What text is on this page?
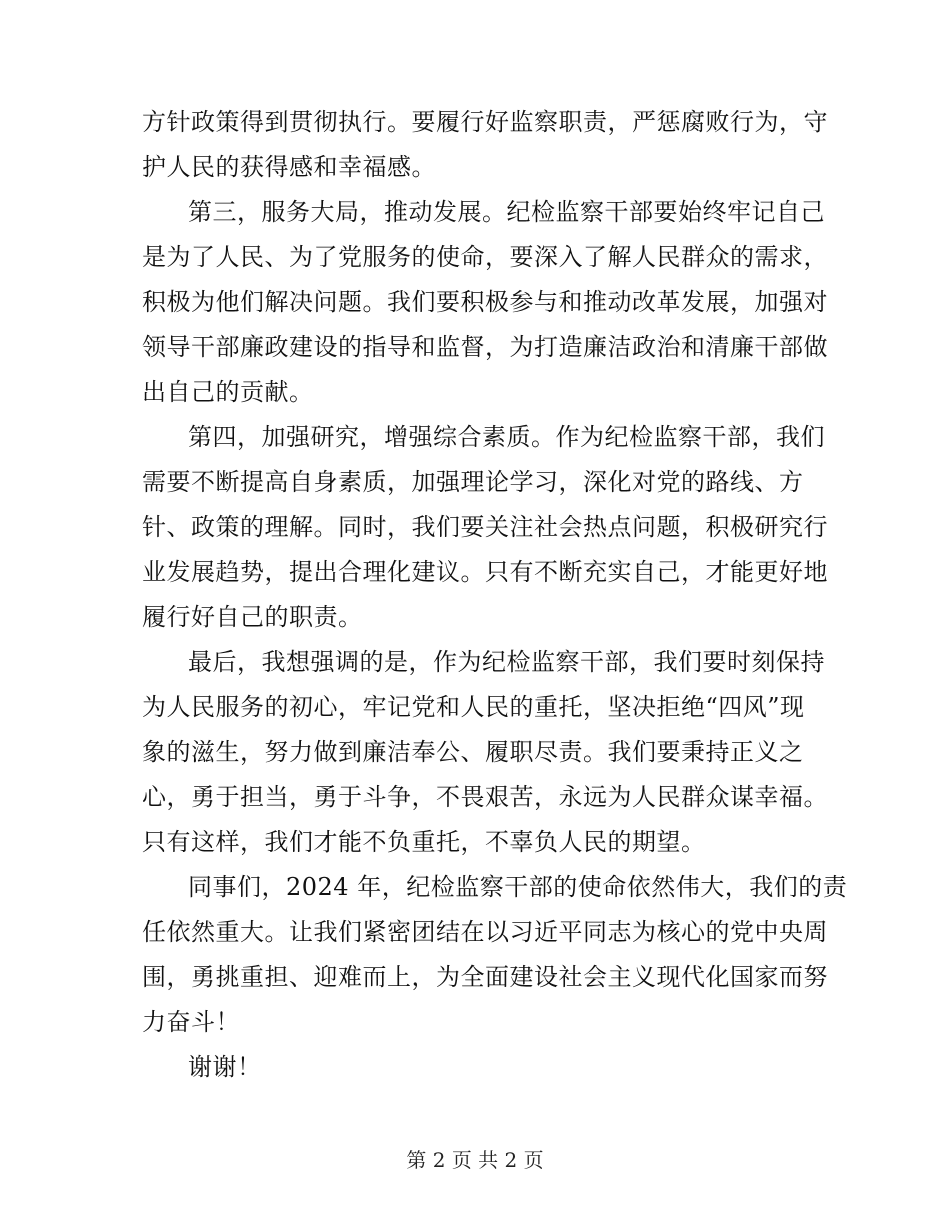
方针政策得到贯彻执行。要履行好监察职责，严惩腐败行为，守
护人民的获得感和幸福感。
第三，服务大局，推动发展。纪检监察干部要始终牢记自己
是为了人民、为了党服务的使命，要深入了解人民群众的需求，
积极为他们解决问题。我们要积极参与和推动改革发展，加强对
领导干部廉政建设的指导和监督，为打造廉洁政治和清廉干部做
出自己的贡献。
第四，加强研究，增强综合素质。作为纪检监察干部，我们
需要不断提高自身素质，加强理论学习，深化对党的路线、方
针、政策的理解。同时，我们要关注社会热点问题，积极研究行
业发展趋势，提出合理化建议。只有不断充实自己，才能更好地
履行好自己的职责。
最后，我想强调的是，作为纪检监察干部，我们要时刻保持
为人民服务的初心，牢记党和人民的重托，坚决拒绝“四风”现
象的滋生，努力做到廉洁奉公、履职尽责。我们要秉持正义之
心，勇于担当，勇于斗争，不畏艰苦，永远为人民群众谋幸福。
只有这样，我们才能不负重托，不辜负人民的期望。
同事们，2024 年，纪检监察干部的使命依然伟大，我们的责
任依然重大。让我们紧密团结在以习近平同志为核心的党中央周
围，勇挑重担、迎难而上，为全面建设社会主义现代化国家而努
力奋斗！
谢谢！
第 2 页 共 2 页
